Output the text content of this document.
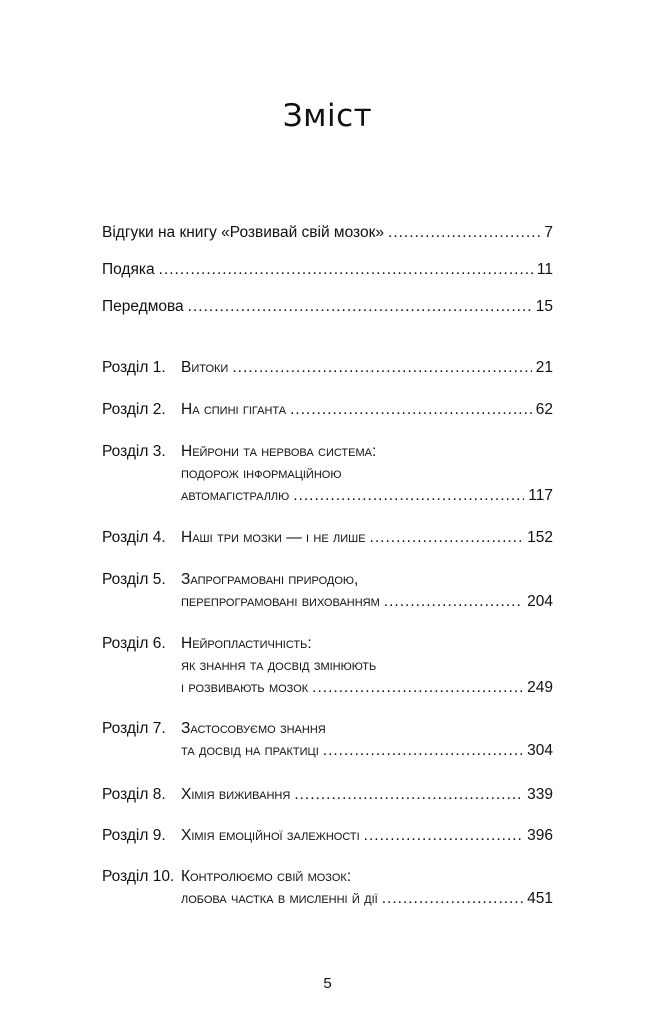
Зміст
Відгуки на книгу «Розвивай свій мозок» .....	7
Подяка .....	11
Передмова .....	15
Розділ 1. Витоки .....	21
Розділ 2. На спині гіганта .....	62
Розділ 3. Нейрони та нервова система:
подорож інформаційною
автомагістраллю .....	117
Розділ 4. Наші три мозки — і не лише .....	152
Розділ 5. Запрограмовані природою,
перепрограмовані вихованням .....	204
Розділ 6. Нейропластичність:
як знання та досвід змінюють
і розвивають мозок .....	249
Розділ 7. Застосовуємо знання
та досвід на практиці .....	304
Розділ 8. Хімія виживання .....	339
Розділ 9. Хімія емоційної залежності .....	396
Розділ 10. Контролюємо свій мозок:
лобова частка в мисленні й дії .....	451
5
